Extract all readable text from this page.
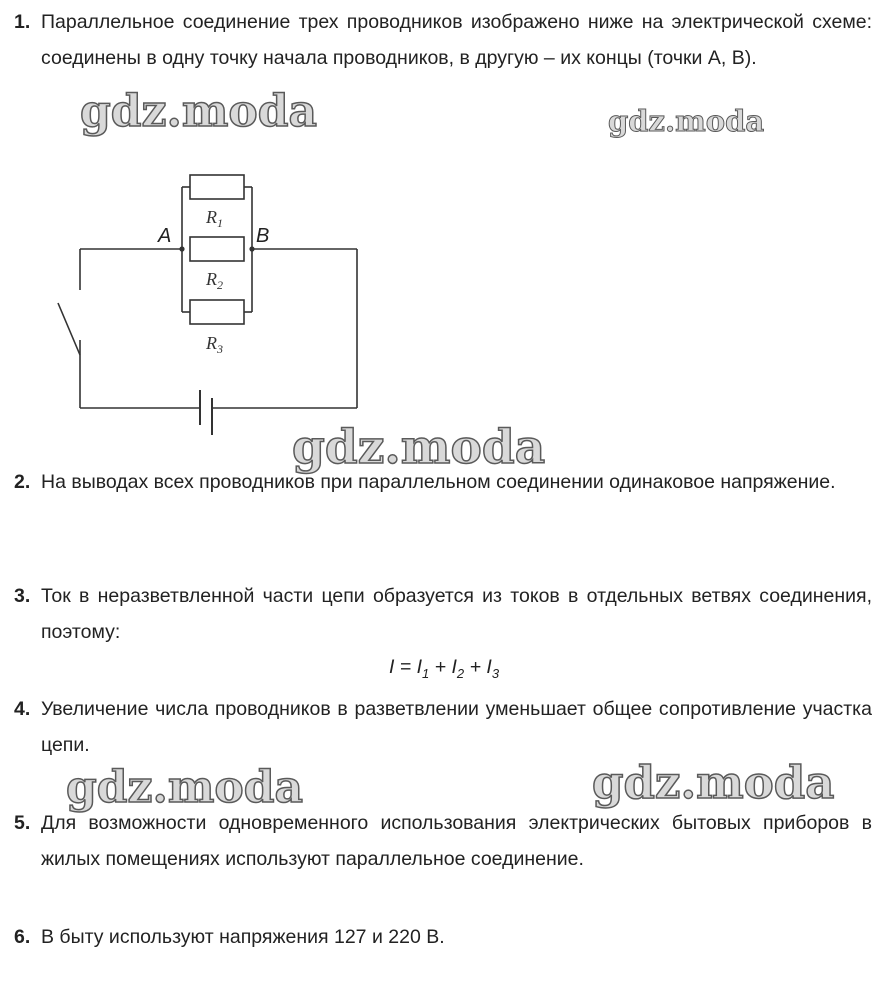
1. Параллельное соединение трех проводников изображено ниже на электрической схеме: соединены в одну точку начала проводников, в другую – их концы (точки А, В).
A	B
$R_1$
$R_2$
$R_3$
2. На выводах всех проводников при параллельном соединении одинаковое напряжение.
3. Ток в неразветвленной части цепи образуется из токов в отдельных ветвях соединения, поэтому:
$I = I_1 + I_2 + I_3$
4. Увеличение числа проводников в разветвлении уменьшает общее сопротивление участка цепи.
5. Для возможности одновременного использования электрических бытовых приборов в жилых помещениях используют параллельное соединение.
6. В быту используют напряжения 127 и 220 В.
gdz.moda	gdz.moda
gdz.moda
gdz.moda	gdz.moda
